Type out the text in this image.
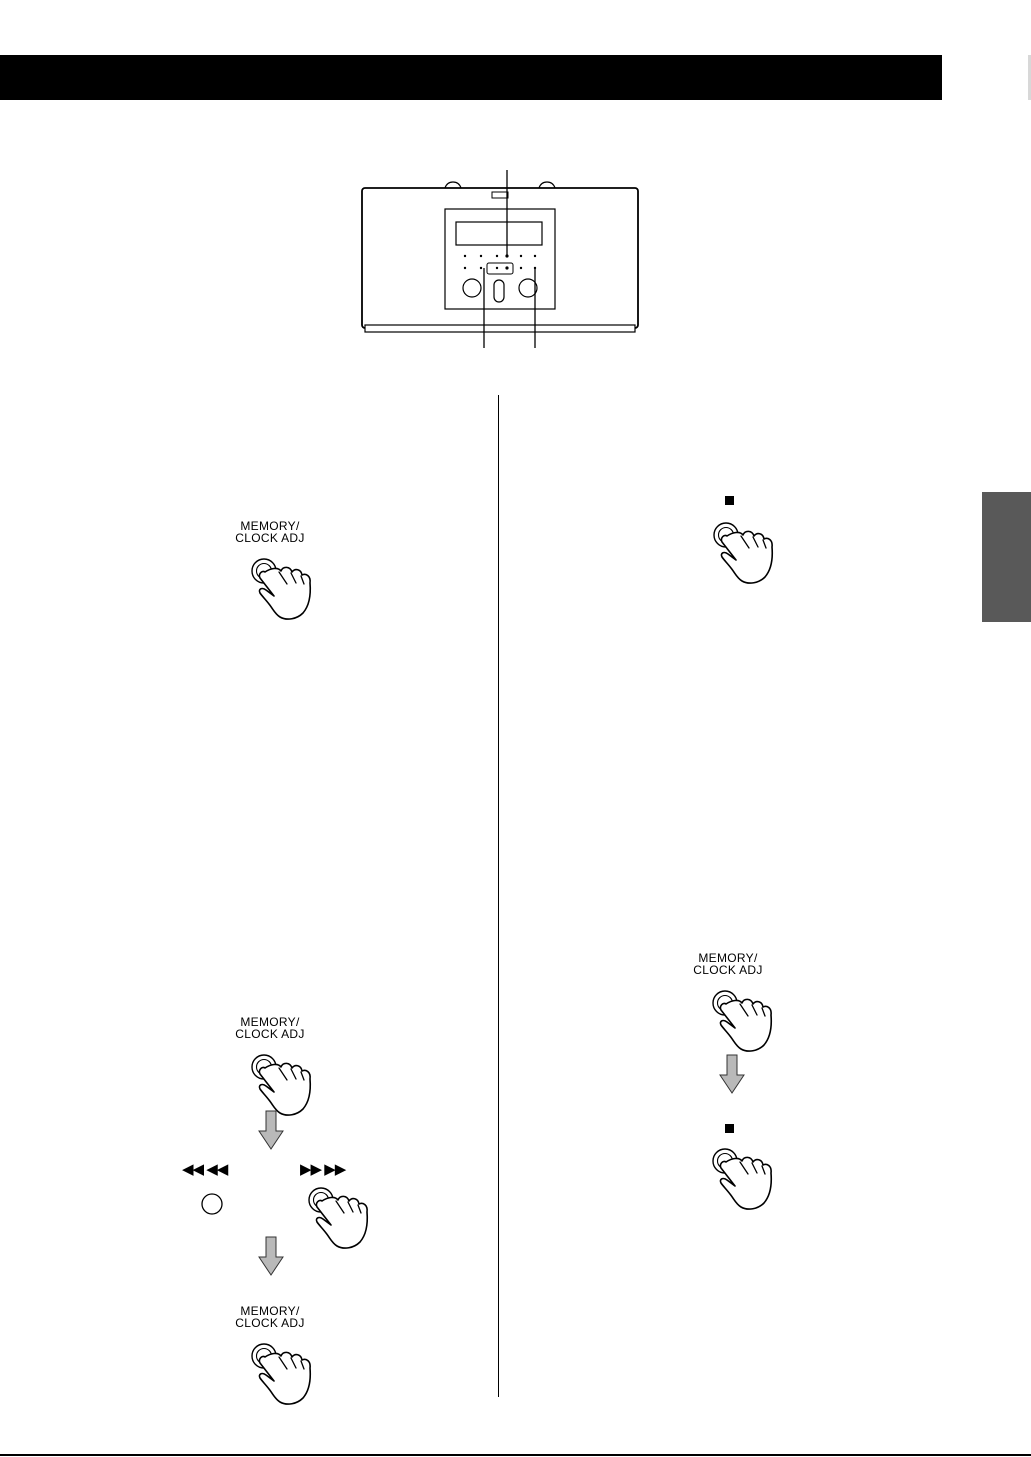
MEMORY/
CLOCK ADJ
MEMORY/
CLOCK ADJ
◀◀ ◀◀	▶▶ ▶▶
MEMORY/
CLOCK ADJ
MEMORY/
CLOCK ADJ
